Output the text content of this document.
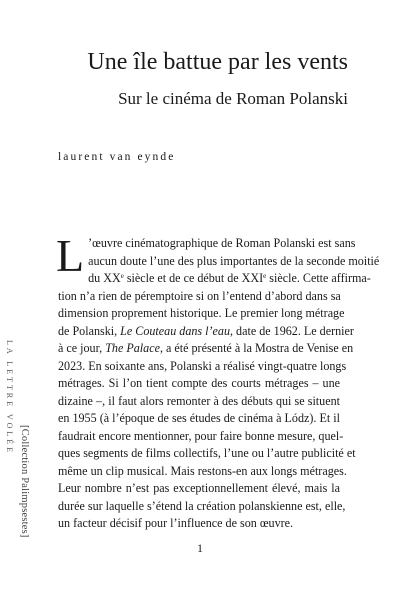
Une île battue par les vents
Sur le cinéma de Roman Polanski
laurent van eynde
LA LETTRE VOLÉE
[Collection Palimpsestes]
L ’œuvre cinématographique de Roman Polanski est sans
aucun doute l’une des plus importantes de la seconde moitié
du XXe siècle et de ce début de XXIe siècle. Cette affirma-
tion n’a rien de péremptoire si on l’entend d’abord dans sa
dimension proprement historique. Le premier long métrage
de Polanski, Le Couteau dans l’eau, date de 1962. Le dernier
à ce jour, The Palace, a été présenté à la Mostra de Venise en
2023. En soixante ans, Polanski a réalisé vingt-quatre longs
métrages. Si l’on tient compte des courts métrages – une
dizaine –, il faut alors remonter à des débuts qui se situent
en 1955 (à l’époque de ses études de cinéma à Lódz). Et il
faudrait encore mentionner, pour faire bonne mesure, quel-
ques segments de films collectifs, l’une ou l’autre publicité et
même un clip musical. Mais restons-en aux longs métrages.
Leur nombre n’est pas exceptionnellement élevé, mais la
durée sur laquelle s’étend la création polanskienne est, elle,
un facteur décisif pour l’influence de son œuvre.
1
